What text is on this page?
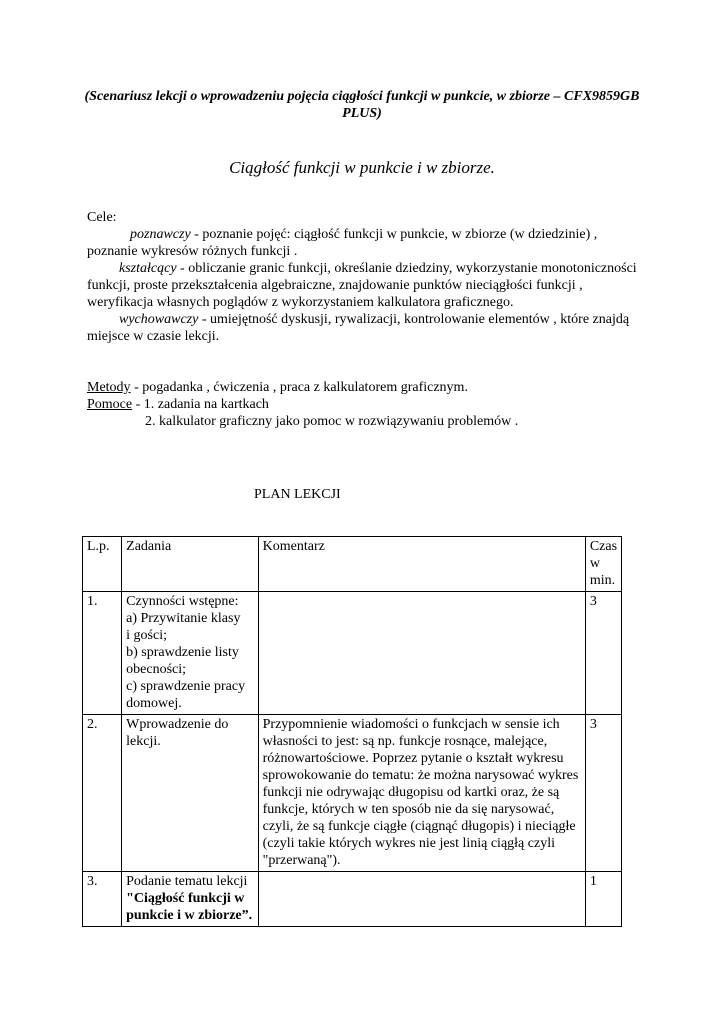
(Scenariusz lekcji o wprowadzeniu pojęcia ciągłości funkcji w punkcie, w zbiorze – CFX9859GB PLUS)
Ciągłość funkcji w punkcie i w zbiorze.

Cele:

poznawczy - poznanie pojęć: ciągłość funkcji w punkcie, w zbiorze (w dziedzinie) , poznanie wykresów różnych funkcji .

kształcący - obliczanie granic funkcji, określanie dziedziny, wykorzystanie monotoniczności funkcji, proste przekształcenia algebraiczne, znajdowanie punktów nieciągłości funkcji , weryfikacja własnych poglądów z wykorzystaniem kalkulatora graficznego.

wychowawczy - umiejętność dyskusji, rywalizacji, kontrolowanie elementów , które znajdą miejsce w czasie lekcji.

Metody - pogadanka , ćwiczenia , praca z kalkulatorem graficznym.

Pomoce - 1. zadania na kartkach

2. kalkulator graficzny jako pomoc w rozwiązywaniu problemów .

PLAN LEKCJI
L.p.	Zadania	Komentarz	Czas w min.
1.	Czynności wstępne:
a) Przywitanie klasy
i gości;
b) sprawdzenie listy obecności;
c) sprawdzenie pracy domowej.		3
2.	Wprowadzenie do lekcji.	Przypomnienie wiadomości o funkcjach w sensie ich własności to jest: są np. funkcje rosnące, malejące, różnowartościowe. Poprzez pytanie o kształt wykresu sprowokowanie do tematu: że można narysować wykres funkcji nie odrywając długopisu od kartki oraz, że są funkcje, których w ten sposób nie da się narysować, czyli, że są funkcje ciągłe (ciągnąć długopis) i nieciągłe (czyli takie których wykres nie jest linią ciągłą czyli "przerwaną").	3
3.	Podanie tematu lekcji
"Ciągłość funkcji w punkcie i w zbiorze”.		1
